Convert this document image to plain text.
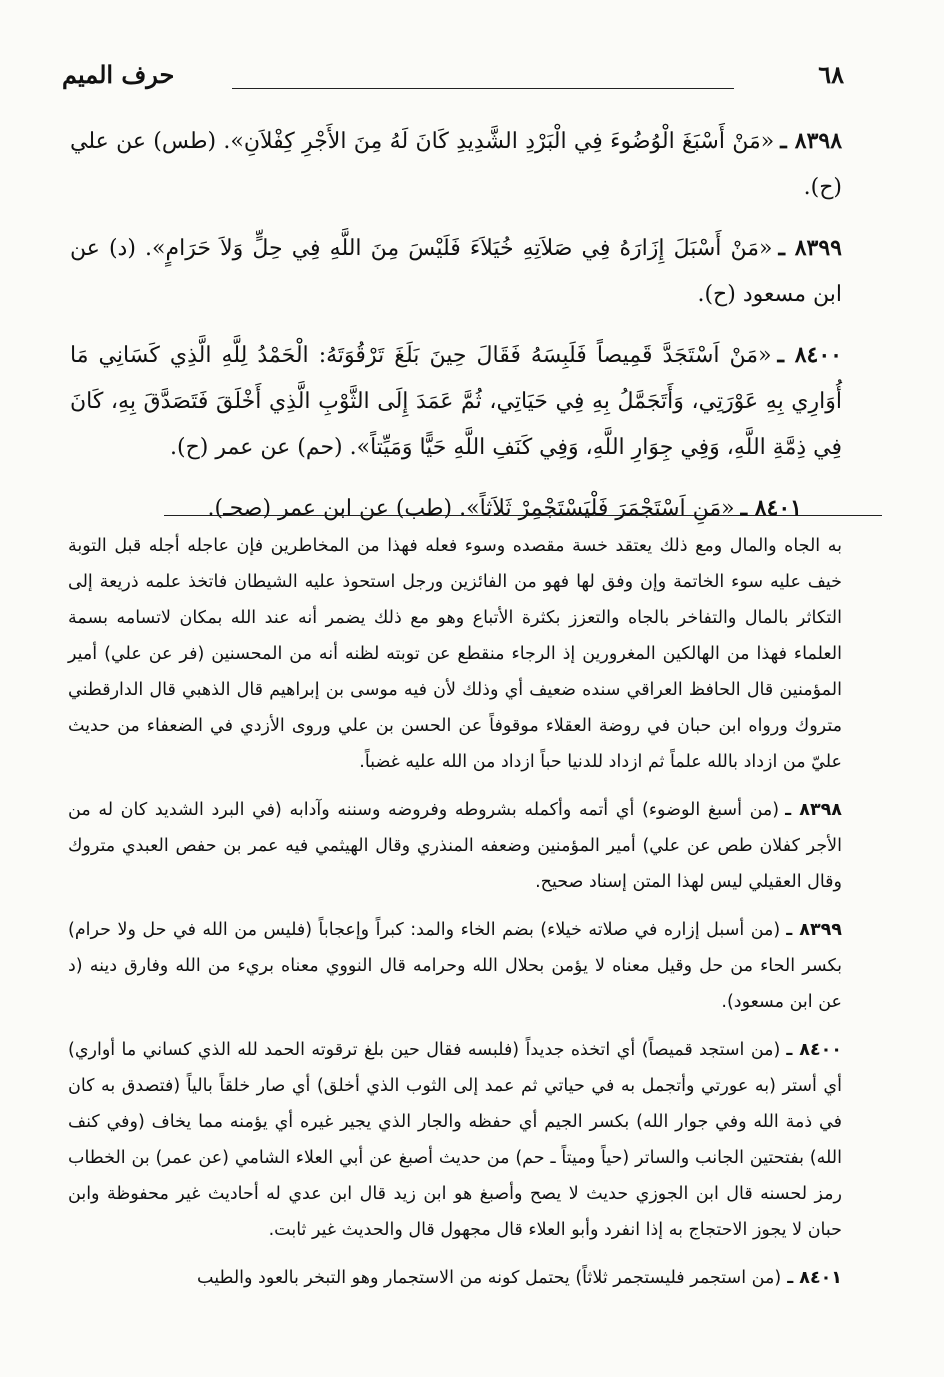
٦٨
حرف الميم

٨٣٩٨ ـ«مَنْ أَسْبَغَ الْوُضُوءَ فِي الْبَرْدِ الشَّدِيدِ كَانَ لَهُ مِنَ الأَجْرِ كِفْلاَنِ». (طس) عن علي (ح).

٨٣٩٩ ـ«مَنْ أَسْبَلَ إِزَارَهُ فِي صَلاَتِهِ خُيَلاَءَ فَلَيْسَ مِنَ اللَّهِ فِي حِلٍّ وَلاَ حَرَامٍ». (د) عن ابن مسعود (ح).

٨٤٠٠ ـ«مَنْ اَسْتَجَدَّ قَمِيصاً فَلَبِسَهُ فَقَالَ حِينَ بَلَغَ تَرْقُوَتَهُ: الْحَمْدُ لِلَّهِ الَّذِي كَسَانِي مَا أُوَارِي بِهِ عَوْرَتِي، وَأَتَجَمَّلُ بِهِ فِي حَيَاتِي، ثُمَّ عَمَدَ إِلَى الثَّوْبِ الَّذِي أَخْلَقَ فَتَصَدَّقَ بِهِ، كَانَ فِي ذِمَّةِ اللَّهِ، وَفِي جِوَارِ اللَّهِ، وَفِي كَنَفِ اللَّهِ حَيًّا وَمَيِّتاً». (حم) عن عمر (ح).

٨٤٠١ ـ«مَنِ اَسْتَجْمَرَ فَلْيَسْتَجْمِرْ ثَلاَثاً». (طب) عن ابن عمر (صحـ).

به الجاه والمال ومع ذلك يعتقد خسة مقصده وسوء فعله فهذا من المخاطرين فإن عاجله أجله قبل التوبة خيف عليه سوء الخاتمة وإن وفق لها فهو من الفائزين ورجل استحوذ عليه الشيطان فاتخذ علمه ذريعة إلى التكاثر بالمال والتفاخر بالجاه والتعزز بكثرة الأتباع وهو مع ذلك يضمر أنه عند الله بمكان لاتسامه بسمة العلماء فهذا من الهالكين المغرورين إذ الرجاء منقطع عن توبته لظنه أنه من المحسنين (فر عن علي) أمير المؤمنين قال الحافظ العراقي سنده ضعيف أي وذلك لأن فيه موسى بن إبراهيم قال الذهبي قال الدارقطني متروك ورواه ابن حبان في روضة العقلاء موقوفاً عن الحسن بن علي وروى الأزدي في الضعفاء من حديث عليّ من ازداد بالله علماً ثم ازداد للدنيا حباً ازداد من الله عليه غضباً.

٨٣٩٨ ـ(من أسبغ الوضوء) أي أتمه وأكمله بشروطه وفروضه وسننه وآدابه (في البرد الشديد كان له من الأجر كفلان طص عن علي) أمير المؤمنين وضعفه المنذري وقال الهيثمي فيه عمر بن حفص العبدي متروك وقال العقيلي ليس لهذا المتن إسناد صحيح.

٨٣٩٩ ـ(من أسبل إزاره في صلاته خيلاء) بضم الخاء والمد: كبراً وإعجاباً (فليس من الله في حل ولا حرام) بكسر الحاء من حل وقيل معناه لا يؤمن بحلال الله وحرامه قال النووي معناه بريء من الله وفارق دينه (د عن ابن مسعود).

٨٤٠٠ ـ(من استجد قميصاً) أي اتخذه جديداً (فلبسه فقال حين بلغ ترقوته الحمد لله الذي كساني ما أواري) أي أستر (به عورتي وأتجمل به في حياتي ثم عمد إلى الثوب الذي أخلق) أي صار خلقاً بالياً (فتصدق به كان في ذمة الله وفي جوار الله) بكسر الجيم أي حفظه والجار الذي يجير غيره أي يؤمنه مما يخاف (وفي كنف الله) بفتحتين الجانب والساتر (حياً وميتاً ـ حم) من حديث أصبغ عن أبي العلاء الشامي (عن عمر) بن الخطاب رمز لحسنه قال ابن الجوزي حديث لا يصح وأصبغ هو ابن زيد قال ابن عدي له أحاديث غير محفوظة وابن حبان لا يجوز الاحتجاج به إذا انفرد وأبو العلاء قال مجهول قال والحديث غير ثابت.

٨٤٠١ ـ(من استجمر فليستجمر ثلاثاً) يحتمل كونه من الاستجمار وهو التبخر بالعود والطيب
